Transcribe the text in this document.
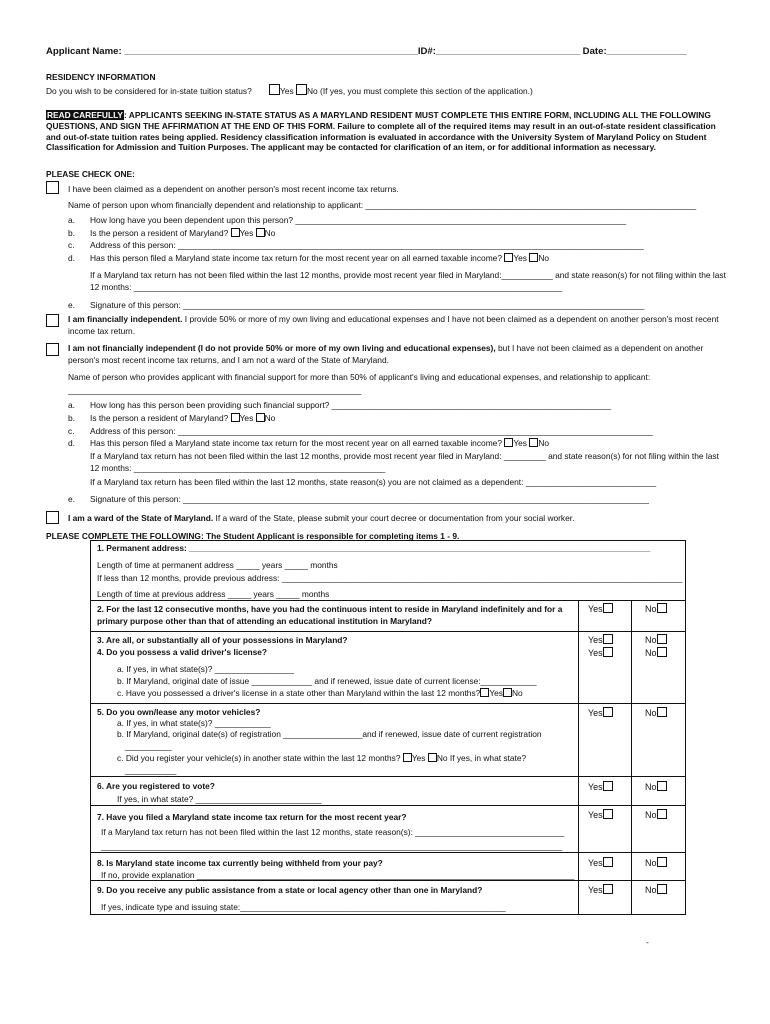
Applicant Name: _______________________________________________________ID#:___________________________ Date:_______________
RESIDENCY INFORMATION
Do you wish to be considered for in-state tuition status?	Yes No (If yes, you must complete this section of the application.)
READ CAREFULLY: APPLICANTS SEEKING IN-STATE STATUS AS A MARYLAND RESIDENT MUST COMPLETE THIS ENTIRE FORM, INCLUDING ALL THE FOLLOWING QUESTIONS, AND SIGN THE AFFIRMATION AT THE END OF THIS FORM. Failure to complete all of the required items may result in an out-of-state resident classification and out-of-state tuition rates being applied. Residency classification information is evaluated in accordance with the University System of Maryland Policy on Student Classification for Admission and Tuition Purposes. The applicant may be contacted for clarification of an item, or for additional information as necessary.
PLEASE CHECK ONE:
I have been claimed as a dependent on another person's most recent income tax returns.
Name of person upon whom financially dependent and relationship to applicant: _______________________________________________________________________
a. How long have you been dependent upon this person? _______________________________________________________________________
b. Is the person a resident of Maryland? Yes No
c. Address of this person: ____________________________________________________________________________________________________
d. Has this person filed a Maryland state income tax return for the most recent year on all earned taxable income? Yes No
If a Maryland tax return has not been filed within the last 12 months, provide most recent year filed in Maryland:___________ and state reason(s) for not filing within the last
12 months: ____________________________________________________________________________________________
e. Signature of this person: ___________________________________________________________________________________________________
I am financially independent. I provide 50% or more of my own living and educational expenses and I have not been claimed as a dependent on another person's most recent
income tax return.
I am not financially independent (I do not provide 50% or more of my own living and educational expenses), but I have not been claimed as a dependent on another
person's most recent income tax returns, and I am not a ward of the State of Maryland.
Name of person who provides applicant with financial support for more than 50% of applicant's living and educational expenses, and relationship to applicant:
_______________________________________________________________
a. How long has this person been providing such financial support? ____________________________________________________________
b. Is the person a resident of Maryland? Yes No
c. Address of this person: ______________________________________________________________________________________________________
d. Has this person filed a Maryland state income tax return for the most recent year on all earned taxable income? Yes No
If a Maryland tax return has not been filed within the last 12 months, provide most recent year filed in Maryland: _________ and state reason(s) for not filing within the last
12 months: ______________________________________________________
If a Maryland tax return has been filed within the last 12 months, state reason(s) you are not claimed as a dependent: ____________________________
e. Signature of this person: ____________________________________________________________________________________________________
I am a ward of the State of Maryland. If a ward of the State, please submit your court decree or documentation from your social worker.
PLEASE COMPLETE THE FOLLOWING: The Student Applicant is responsible for completing items 1 - 9.
1. Permanent address: ___________________________________________________________________________________________________
Length of time at permanent address _____ years _____ months
If less than 12 months, provide previous address: ______________________________________________________________________________________
Length of time at previous address _____ years _____ months
2. For the last 12 consecutive months, have you had the continuous intent to reside in Maryland indefinitely and for a
primary purpose other than that of attending an educational institution in Maryland?
Yes	No
3. Are all, or substantially all of your possessions in Maryland?
4. Do you possess a valid driver's license?
Yes	No
Yes	No
a. If yes, in what state(s)? _________________
b. If Maryland, original date of issue _____________ and if renewed, issue date of current license:____________
c. Have you possessed a driver's license in a state other than Maryland within the last 12 months? Yes No
5. Do you own/lease any motor vehicles?	Yes	No
a. If yes, in what state(s)? ____________
b. If Maryland, original date(s) of registration _________________and if renewed, issue date of current registration
__________
c. Did you register your vehicle(s) in another state within the last 12 months? Yes No If yes, in what state?
___________
6. Are you registered to vote?
If yes, in what state? ___________________________
Yes	No
7. Have you filed a Maryland state income tax return for the most recent year?
If a Maryland tax return has not been filed within the last 12 months, state reason(s): ________________________________
___________________________________________________________________________________________________
Yes	No
8. Is Maryland state income tax currently being withheld from your pay?
If no, provide explanation _________________________________________________________________________________
Yes	No
9. Do you receive any public assistance from a state or local agency other than one in Maryland?
If yes, indicate type and issuing state:_________________________________________________________
Yes	No
-
